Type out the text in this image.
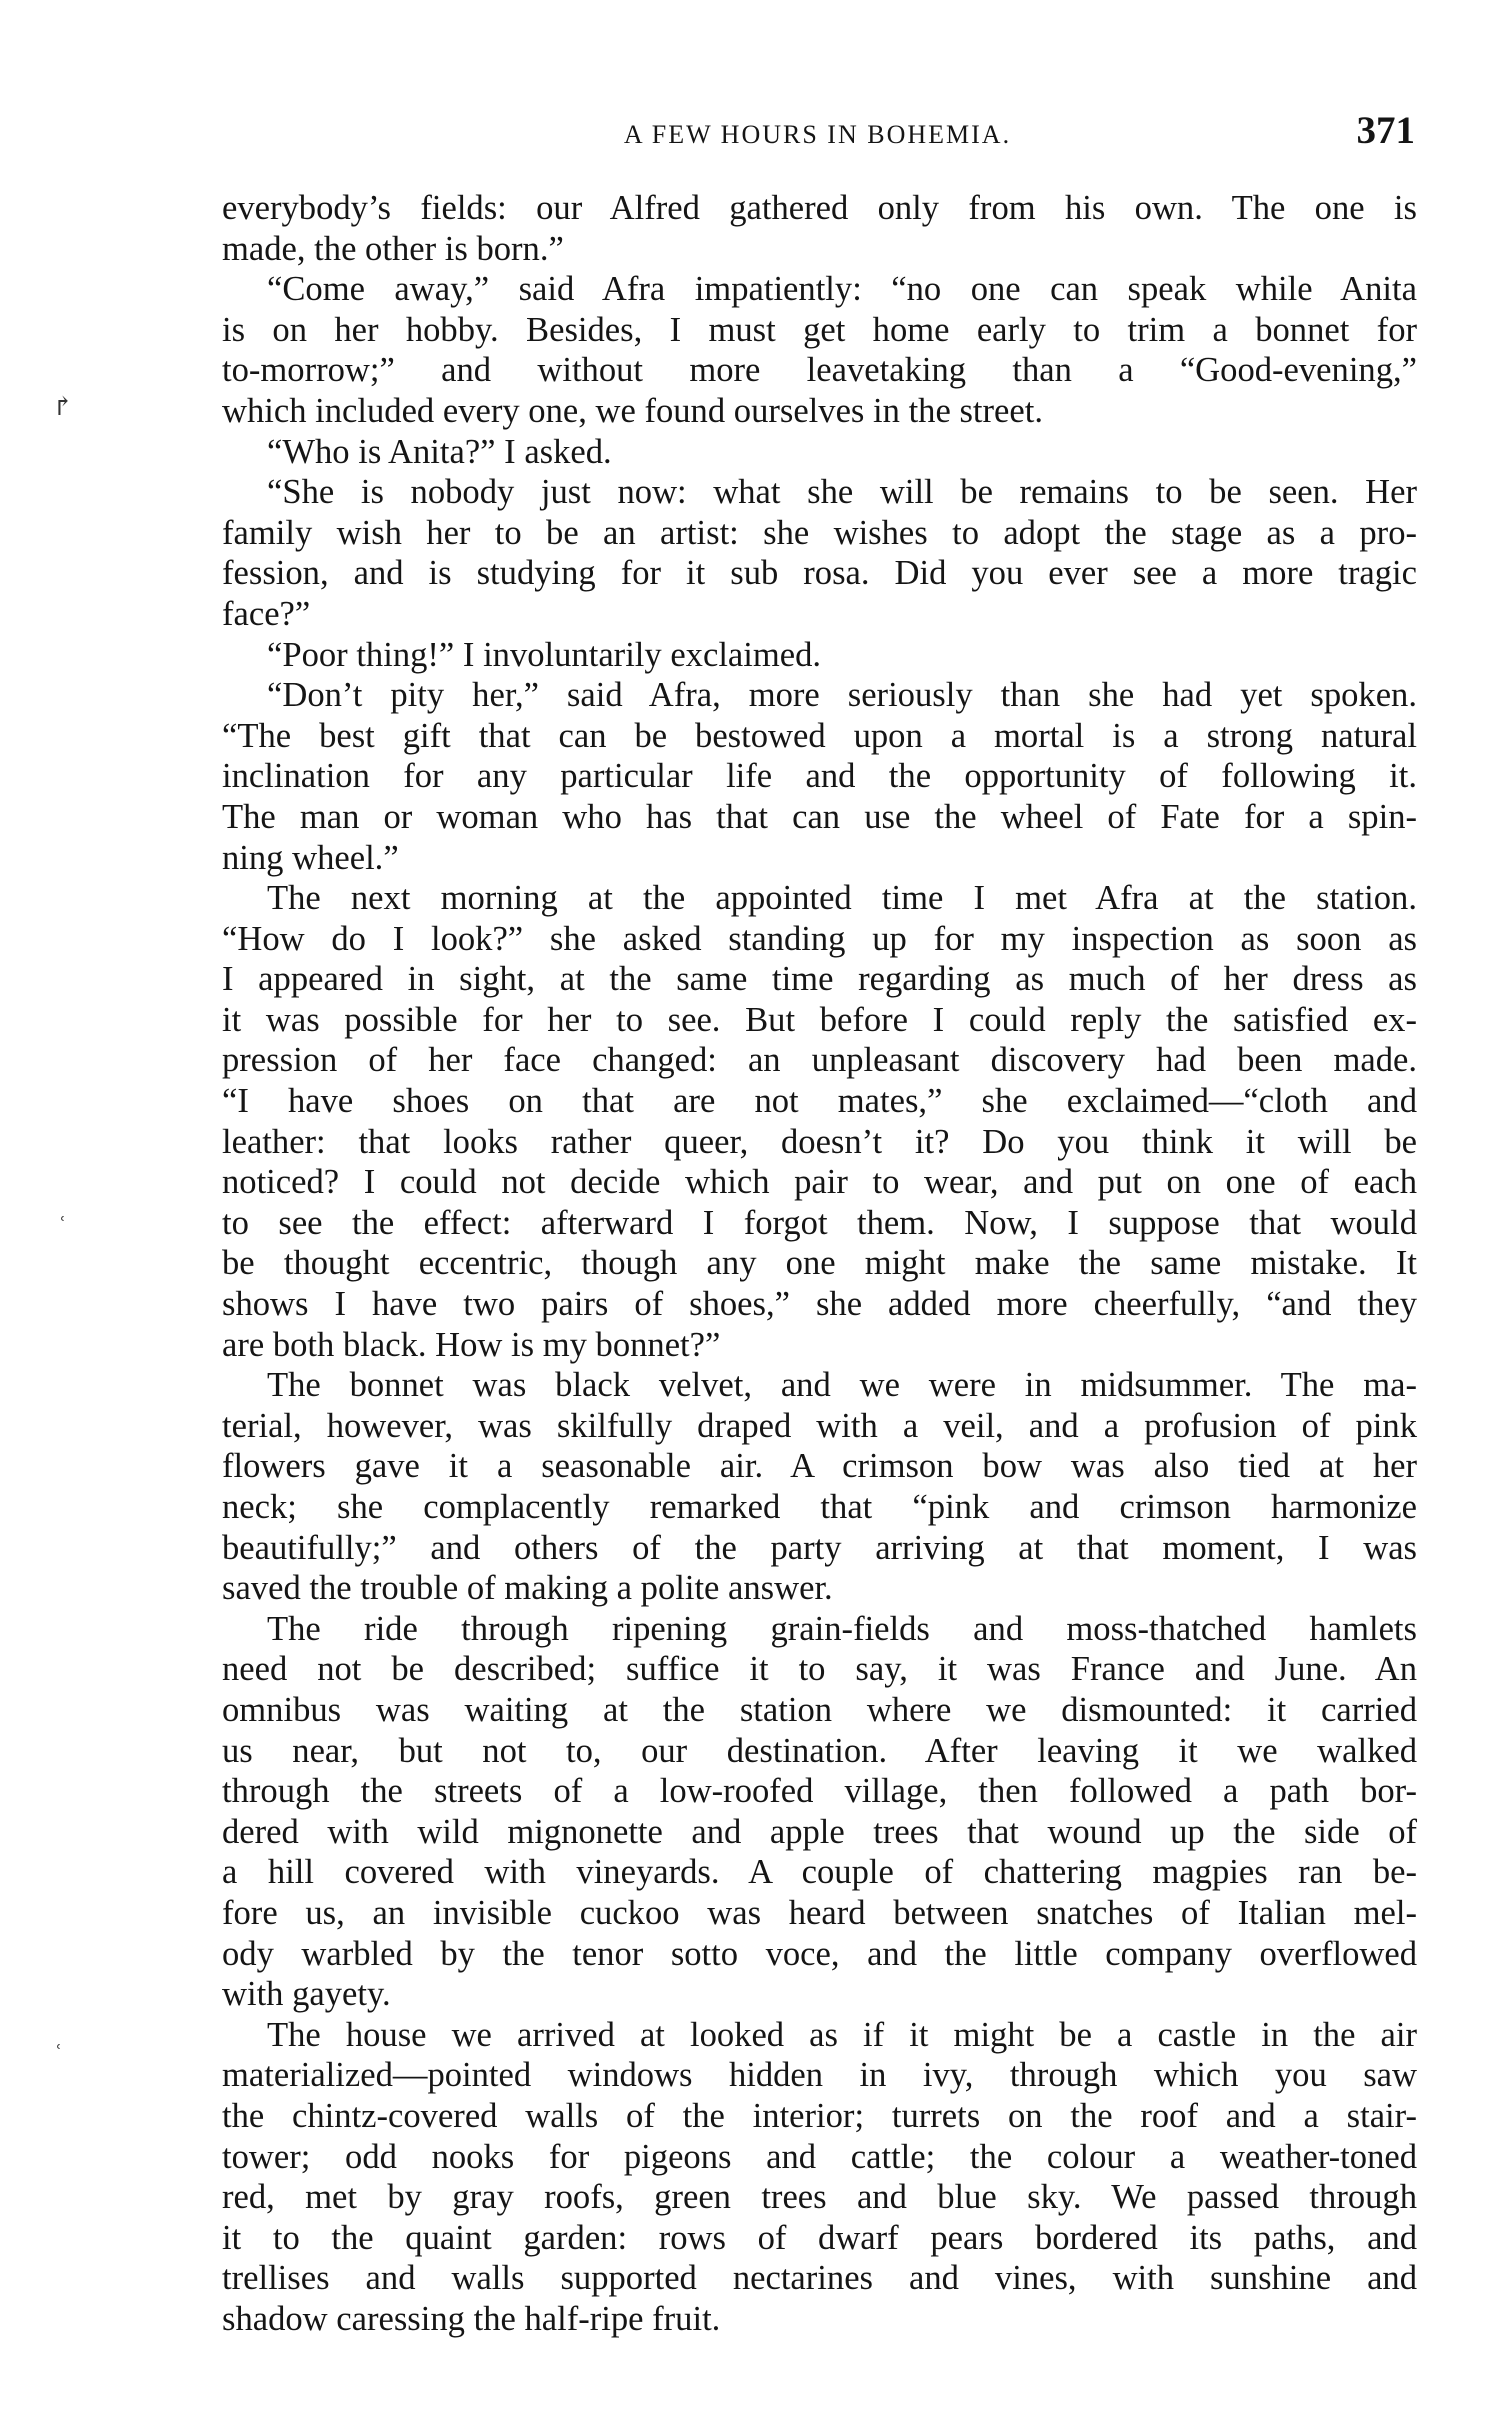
A FEW HOURS IN BOHEMIA.	371
everybody’s fields: our Alfred gathered only from his own. The one is
made, the other is born.”
“Come away,” said Afra impatiently: “no one can speak while Anita
is on her hobby. Besides, I must get home early to trim a bonnet for
to-morrow;” and without more leavetaking than a “Good-evening,”
which included every one, we found ourselves in the street.
“Who is Anita?” I asked.
“She is nobody just now: what she will be remains to be seen. Her
family wish her to be an artist: she wishes to adopt the stage as a pro-
fession, and is studying for it sub rosa. Did you ever see a more tragic
face?”
“Poor thing!” I involuntarily exclaimed.
“Don’t pity her,” said Afra, more seriously than she had yet spoken.
“The best gift that can be bestowed upon a mortal is a strong natural
inclination for any particular life and the opportunity of following it.
The man or woman who has that can use the wheel of Fate for a spin-
ning wheel.”
The next morning at the appointed time I met Afra at the station.
“How do I look?” she asked standing up for my inspection as soon as
I appeared in sight, at the same time regarding as much of her dress as
it was possible for her to see. But before I could reply the satisfied ex-
pression of her face changed: an unpleasant discovery had been made.
“I have shoes on that are not mates,” she exclaimed—“cloth and
leather: that looks rather queer, doesn’t it? Do you think it will be
noticed? I could not decide which pair to wear, and put on one of each
to see the effect: afterward I forgot them. Now, I suppose that would
be thought eccentric, though any one might make the same mistake. It
shows I have two pairs of shoes,” she added more cheerfully, “and they
are both black. How is my bonnet?”
The bonnet was black velvet, and we were in midsummer. The ma-
terial, however, was skilfully draped with a veil, and a profusion of pink
flowers gave it a seasonable air. A crimson bow was also tied at her
neck; she complacently remarked that “pink and crimson harmonize
beautifully;” and others of the party arriving at that moment, I was
saved the trouble of making a polite answer.
The ride through ripening grain-fields and moss-thatched hamlets
need not be described; suffice it to say, it was France and June. An
omnibus was waiting at the station where we dismounted: it carried
us near, but not to, our destination. After leaving it we walked
through the streets of a low-roofed village, then followed a path bor-
dered with wild mignonette and apple trees that wound up the side of
a hill covered with vineyards. A couple of chattering magpies ran be-
fore us, an invisible cuckoo was heard between snatches of Italian mel-
ody warbled by the tenor sotto voce, and the little company overflowed
with gayety.
The house we arrived at looked as if it might be a castle in the air
materialized—pointed windows hidden in ivy, through which you saw
the chintz-covered walls of the interior; turrets on the roof and a stair-
tower; odd nooks for pigeons and cattle; the colour a weather-toned
red, met by gray roofs, green trees and blue sky. We passed through
it to the quaint garden: rows of dwarf pears bordered its paths, and
trellises and walls supported nectarines and vines, with sunshine and
shadow caressing the half-ripe fruit.
↱
ʿ
ʿ
